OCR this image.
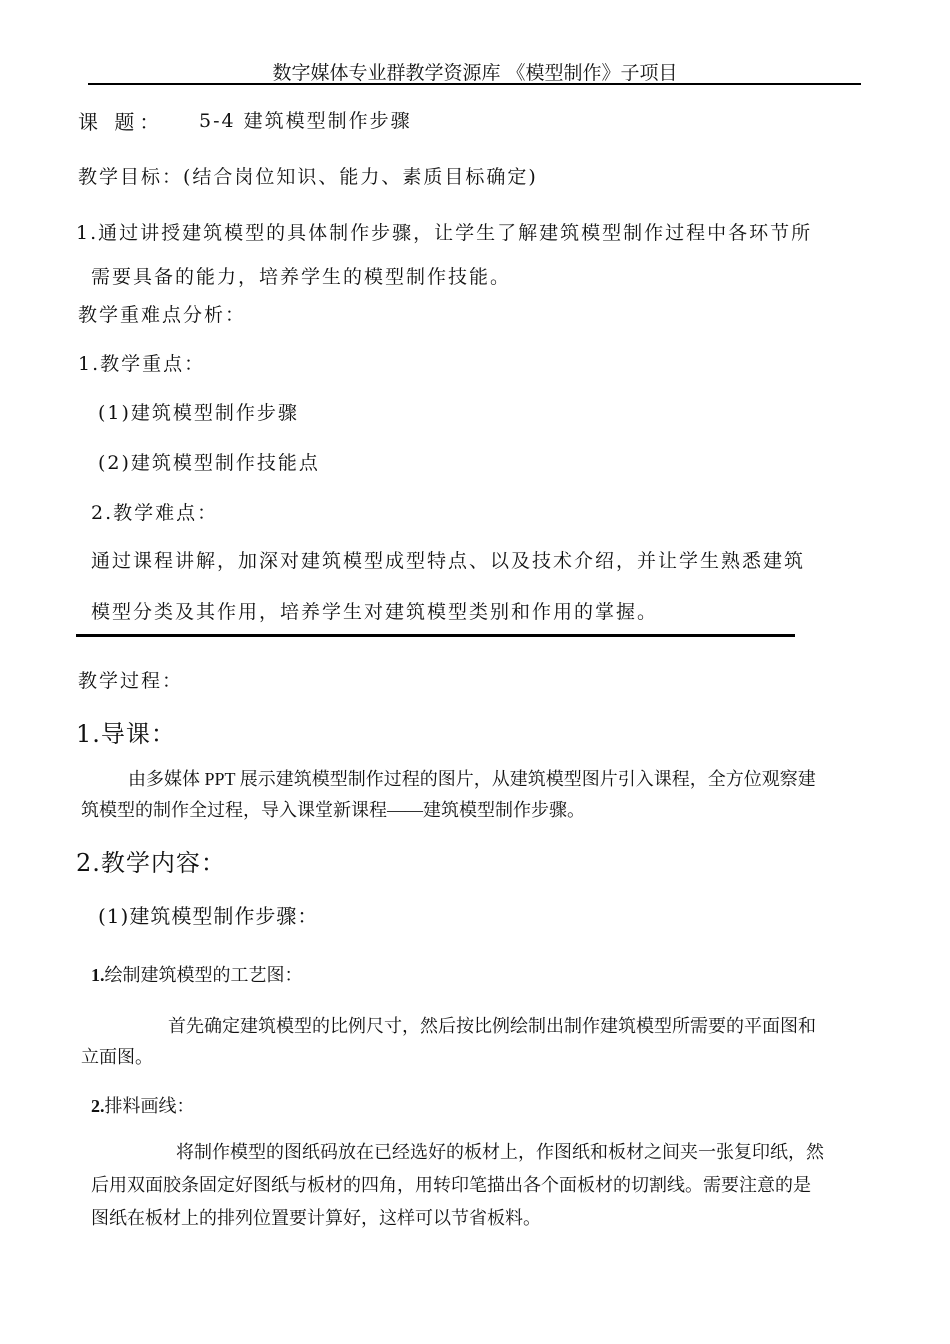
数字媒体专业群教学资源库 《模型制作》子项目
课 题： 5-4 建筑模型制作步骤
教学目标：(结合岗位知识、能力、素质目标确定)
1.通过讲授建筑模型的具体制作步骤，让学生了解建筑模型制作过程中各环节所
需要具备的能力，培养学生的模型制作技能。
教学重难点分析：
1.教学重点：
(1)建筑模型制作步骤
(2)建筑模型制作技能点
2.教学难点：
通过课程讲解，加深对建筑模型成型特点、以及技术介绍，并让学生熟悉建筑
模型分类及其作用，培养学生对建筑模型类别和作用的掌握。
教学过程：
1.导课：
由多媒体 PPT 展示建筑模型制作过程的图片，从建筑模型图片引入课程，全方位观察建
筑模型的制作全过程，导入课堂新课程——建筑模型制作步骤。
2.教学内容：
(1)建筑模型制作步骤：
1.绘制建筑模型的工艺图：
首先确定建筑模型的比例尺寸，然后按比例绘制出制作建筑模型所需要的平面图和
立面图。
2.排料画线：
将制作模型的图纸码放在已经选好的板材上，作图纸和板材之间夹一张复印纸，然
后用双面胶条固定好图纸与板材的四角，用转印笔描出各个面板材的切割线。需要注意的是
图纸在板材上的排列位置要计算好，这样可以节省板料。
